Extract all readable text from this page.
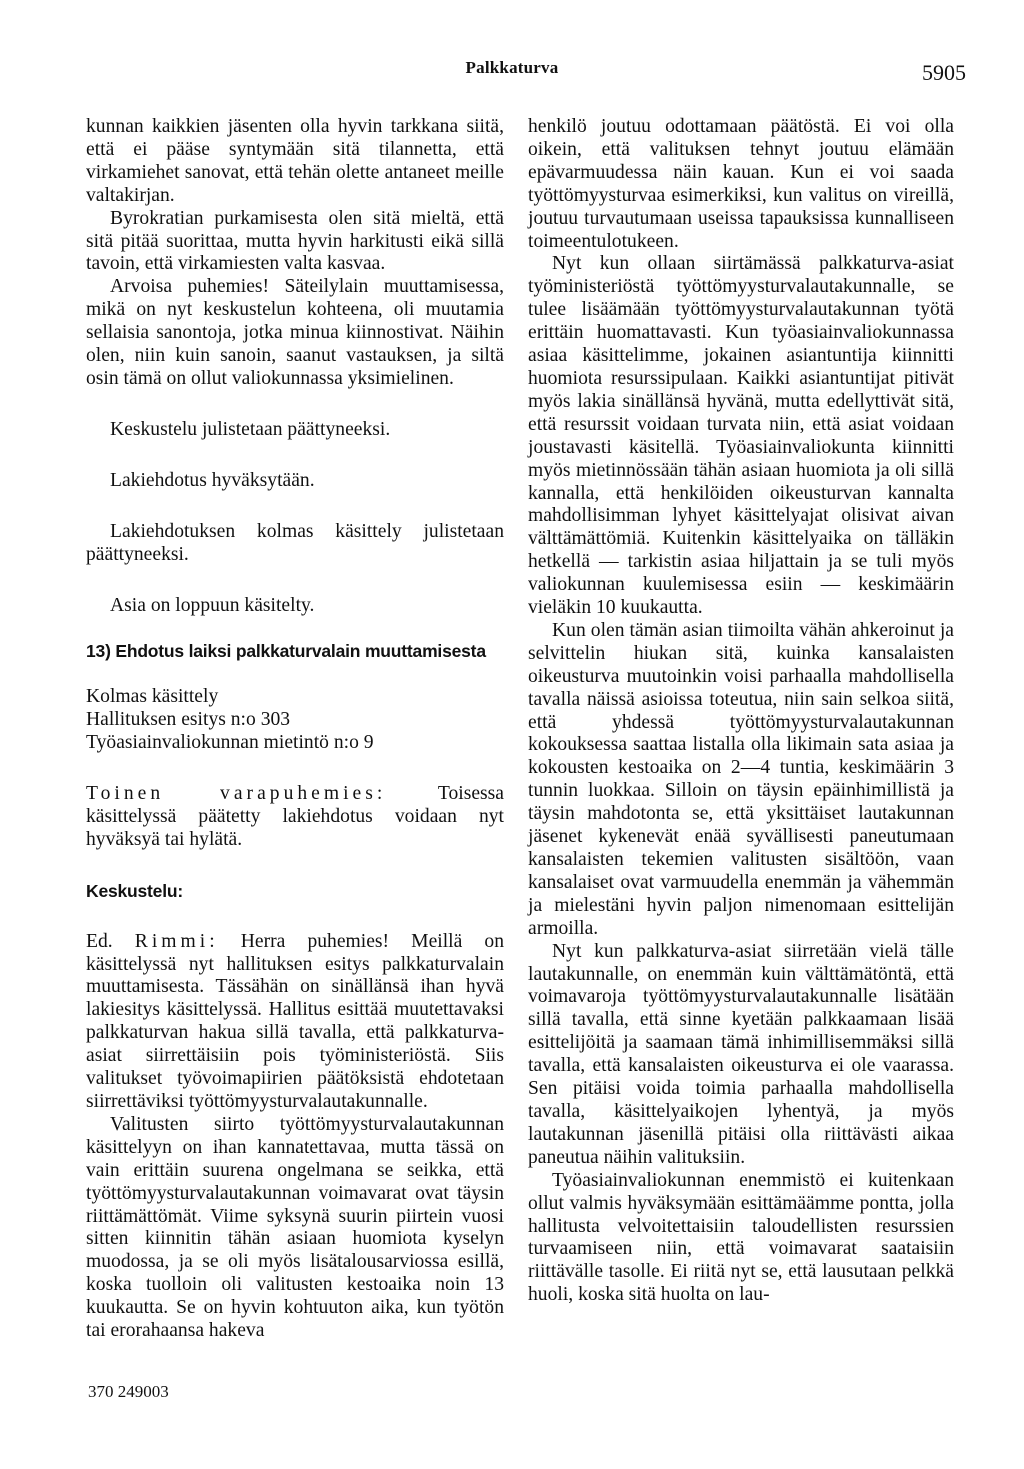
Palkkaturva	5905

kunnan kaikkien jäsenten olla hyvin tarkkana siitä, että ei pääse syntymään sitä tilannetta, että virkamiehet sanovat, että tehän olette antaneet meille valtakirjan.

Byrokratian purkamisesta olen sitä mieltä, että sitä pitää suorittaa, mutta hyvin harkitusti eikä sillä tavoin, että virkamiesten valta kasvaa.

Arvoisa puhemies! Säteilylain muuttamisessa, mikä on nyt keskustelun kohteena, oli muutamia sellaisia sanontoja, jotka minua kiinnostivat. Näihin olen, niin kuin sanoin, saanut vastauksen, ja siltä osin tämä on ollut valiokunnassa yksimielinen.

Keskustelu julistetaan päättyneeksi.

Lakiehdotus hyväksytään.

Lakiehdotuksen kolmas käsittely julistetaan päättyneeksi.

Asia on loppuun käsitelty.

13) Ehdotus laiksi palkkaturvalain muuttamisesta

Kolmas käsittely

Hallituksen esitys n:o 303

Työasiainvaliokunnan mietintö n:o 9

Toinen varapuhemies: Toisessa käsittelyssä päätetty lakiehdotus voidaan nyt hyväksyä tai hylätä.

Keskustelu:

Ed. Rimmi: Herra puhemies! Meillä on käsittelyssä nyt hallituksen esitys palkkaturvalain muuttamisesta. Tässähän on sinällänsä ihan hyvä lakiesitys käsittelyssä. Hallitus esittää muutettavaksi palkkaturvan hakua sillä tavalla, että palkkaturva-asiat siirrettäisiin pois työministeriöstä. Siis valitukset työvoimapiirien päätöksistä ehdotetaan siirrettäviksi työttömyysturvalautakunnalle.

Valitusten siirto työttömyysturvalautakunnan käsittelyyn on ihan kannatettavaa, mutta tässä on vain erittäin suurena ongelmana se seikka, että työttömyysturvalautakunnan voimavarat ovat täysin riittämättömät. Viime syksynä suurin piirtein vuosi sitten kiinnitin tähän asiaan huomiota kyselyn muodossa, ja se oli myös lisätalousarviossa esillä, koska tuolloin oli valitusten kestoaika noin 13 kuukautta. Se on hyvin kohtuuton aika, kun työtön tai erorahaansa hakeva

henkilö joutuu odottamaan päätöstä. Ei voi olla oikein, että valituksen tehnyt joutuu elämään epävarmuudessa näin kauan. Kun ei voi saada työttömyysturvaa esimerkiksi, kun valitus on vireillä, joutuu turvautumaan useissa tapauksissa kunnalliseen toimeentulotukeen.

Nyt kun ollaan siirtämässä palkkaturva-asiat työministeriöstä työttömyysturvalautakunnalle, se tulee lisäämään työttömyysturvalautakunnan työtä erittäin huomattavasti. Kun työasiainvaliokunnassa asiaa käsittelimme, jokainen asiantuntija kiinnitti huomiota resurssipulaan. Kaikki asiantuntijat pitivät myös lakia sinällänsä hyvänä, mutta edellyttivät sitä, että resurssit voidaan turvata niin, että asiat voidaan joustavasti käsitellä. Työasiainvaliokunta kiinnitti myös mietinnössään tähän asiaan huomiota ja oli sillä kannalla, että henkilöiden oikeusturvan kannalta mahdollisimman lyhyet käsittelyajat olisivat aivan välttämättömiä. Kuitenkin käsittelyaika on tälläkin hetkellä — tarkistin asiaa hiljattain ja se tuli myös valiokunnan kuulemisessa esiin — keskimäärin vieläkin 10 kuukautta.

Kun olen tämän asian tiimoilta vähän ahkeroinut ja selvittelin hiukan sitä, kuinka kansalaisten oikeusturva muutoinkin voisi parhaalla mahdollisella tavalla näissä asioissa toteutua, niin sain selkoa siitä, että yhdessä työttömyysturvalautakunnan kokouksessa saattaa listalla olla likimain sata asiaa ja kokousten kestoaika on 2—4 tuntia, keskimäärin 3 tunnin luokkaa. Silloin on täysin epäinhimillistä ja täysin mahdotonta se, että yksittäiset lautakunnan jäsenet kykenevät enää syvällisesti paneutumaan kansalaisten tekemien valitusten sisältöön, vaan kansalaiset ovat varmuudella enemmän ja vähemmän ja mielestäni hyvin paljon nimenomaan esittelijän armoilla.

Nyt kun palkkaturva-asiat siirretään vielä tälle lautakunnalle, on enemmän kuin välttämätöntä, että voimavaroja työttömyysturvalautakunnalle lisätään sillä tavalla, että sinne kyetään palkkaamaan lisää esittelijöitä ja saamaan tämä inhimillisemmäksi sillä tavalla, että kansalaisten oikeusturva ei ole vaarassa. Sen pitäisi voida toimia parhaalla mahdollisella tavalla, käsittelyaikojen lyhentyä, ja myös lautakunnan jäsenillä pitäisi olla riittävästi aikaa paneutua näihin valituksiin.

Työasiainvaliokunnan enemmistö ei kuitenkaan ollut valmis hyväksymään esittämäämme pontta, jolla hallitusta velvoitettaisiin taloudellisten resurssien turvaamiseen niin, että voimavarat saataisiin riittävälle tasolle. Ei riitä nyt se, että lausutaan pelkkä huoli, koska sitä huolta on lau-

370 249003
